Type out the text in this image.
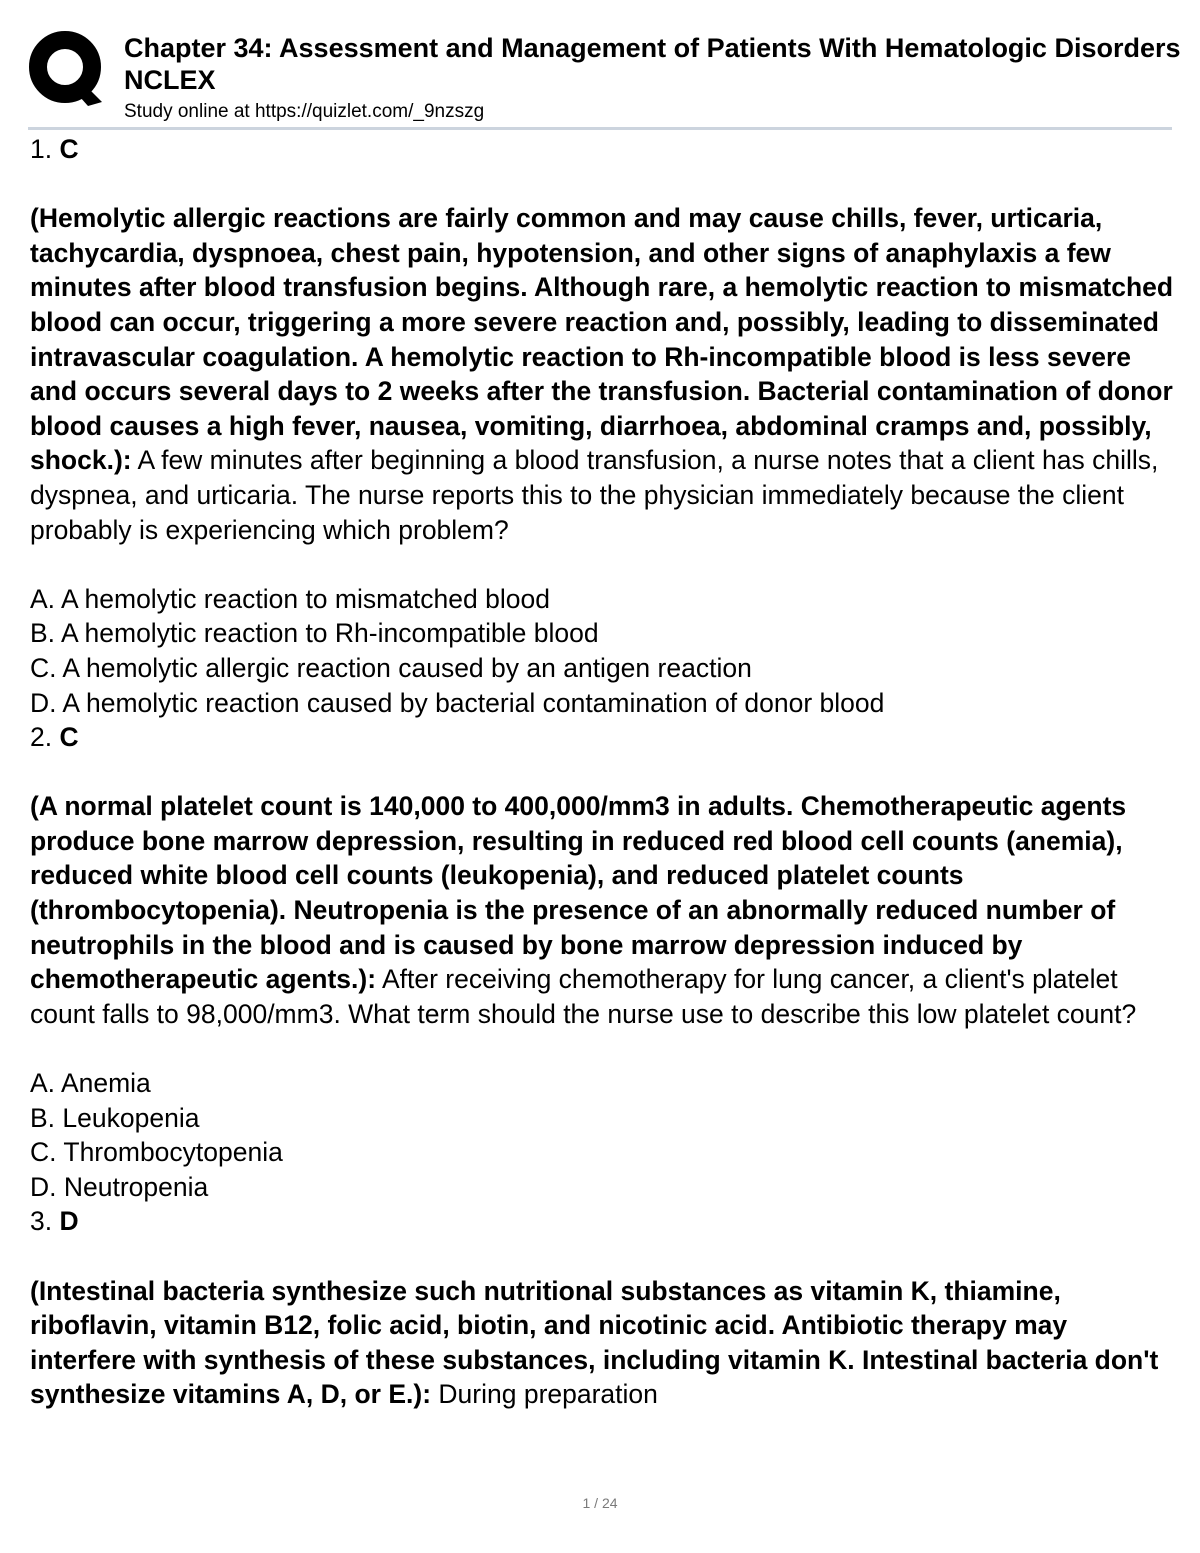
Chapter 34: Assessment and Management of Patients With Hematologic Disorders NCLEX
Study online at https://quizlet.com/_9nzszg

1. C

(Hemolytic allergic reactions are fairly common and may cause chills, fever, urticaria, tachycardia, dyspnoea, chest pain, hypotension, and other signs of anaphylaxis a few minutes after blood transfusion begins. Although rare, a hemolytic reaction to mismatched blood can occur, triggering a more severe reaction and, possibly, leading to disseminated intravascular coagulation. A hemolytic reaction to Rh-incompatible blood is less severe and occurs several days to 2 weeks after the transfusion. Bacterial contamination of donor blood causes a high fever, nausea, vomiting, diarrhoea, abdominal cramps and, possibly, shock.): A few minutes after beginning a blood transfusion, a nurse notes that a client has chills, dyspnea, and urticaria. The nurse reports this to the physician immediately because the client probably is experiencing which problem?

A. A hemolytic reaction to mismatched blood
B. A hemolytic reaction to Rh-incompatible blood
C. A hemolytic allergic reaction caused by an antigen reaction
D. A hemolytic reaction caused by bacterial contamination of donor blood

2. C

(A normal platelet count is 140,000 to 400,000/mm3 in adults. Chemotherapeutic agents produce bone marrow depression, resulting in reduced red blood cell counts (anemia), reduced white blood cell counts (leukopenia), and reduced platelet counts (thrombocytopenia). Neutropenia is the presence of an abnormally reduced number of neutrophils in the blood and is caused by bone marrow depression induced by chemotherapeutic agents.): After receiving chemotherapy for lung cancer, a client's platelet count falls to 98,000/mm3. What term should the nurse use to describe this low platelet count?

A. Anemia
B. Leukopenia
C. Thrombocytopenia
D. Neutropenia

3. D

(Intestinal bacteria synthesize such nutritional substances as vitamin K, thiamine, riboflavin, vitamin B12, folic acid, biotin, and nicotinic acid. Antibiotic therapy may interfere with synthesis of these substances, including vitamin K. Intestinal bacteria don't synthesize vitamins A, D, or E.): During preparation

1 / 24
